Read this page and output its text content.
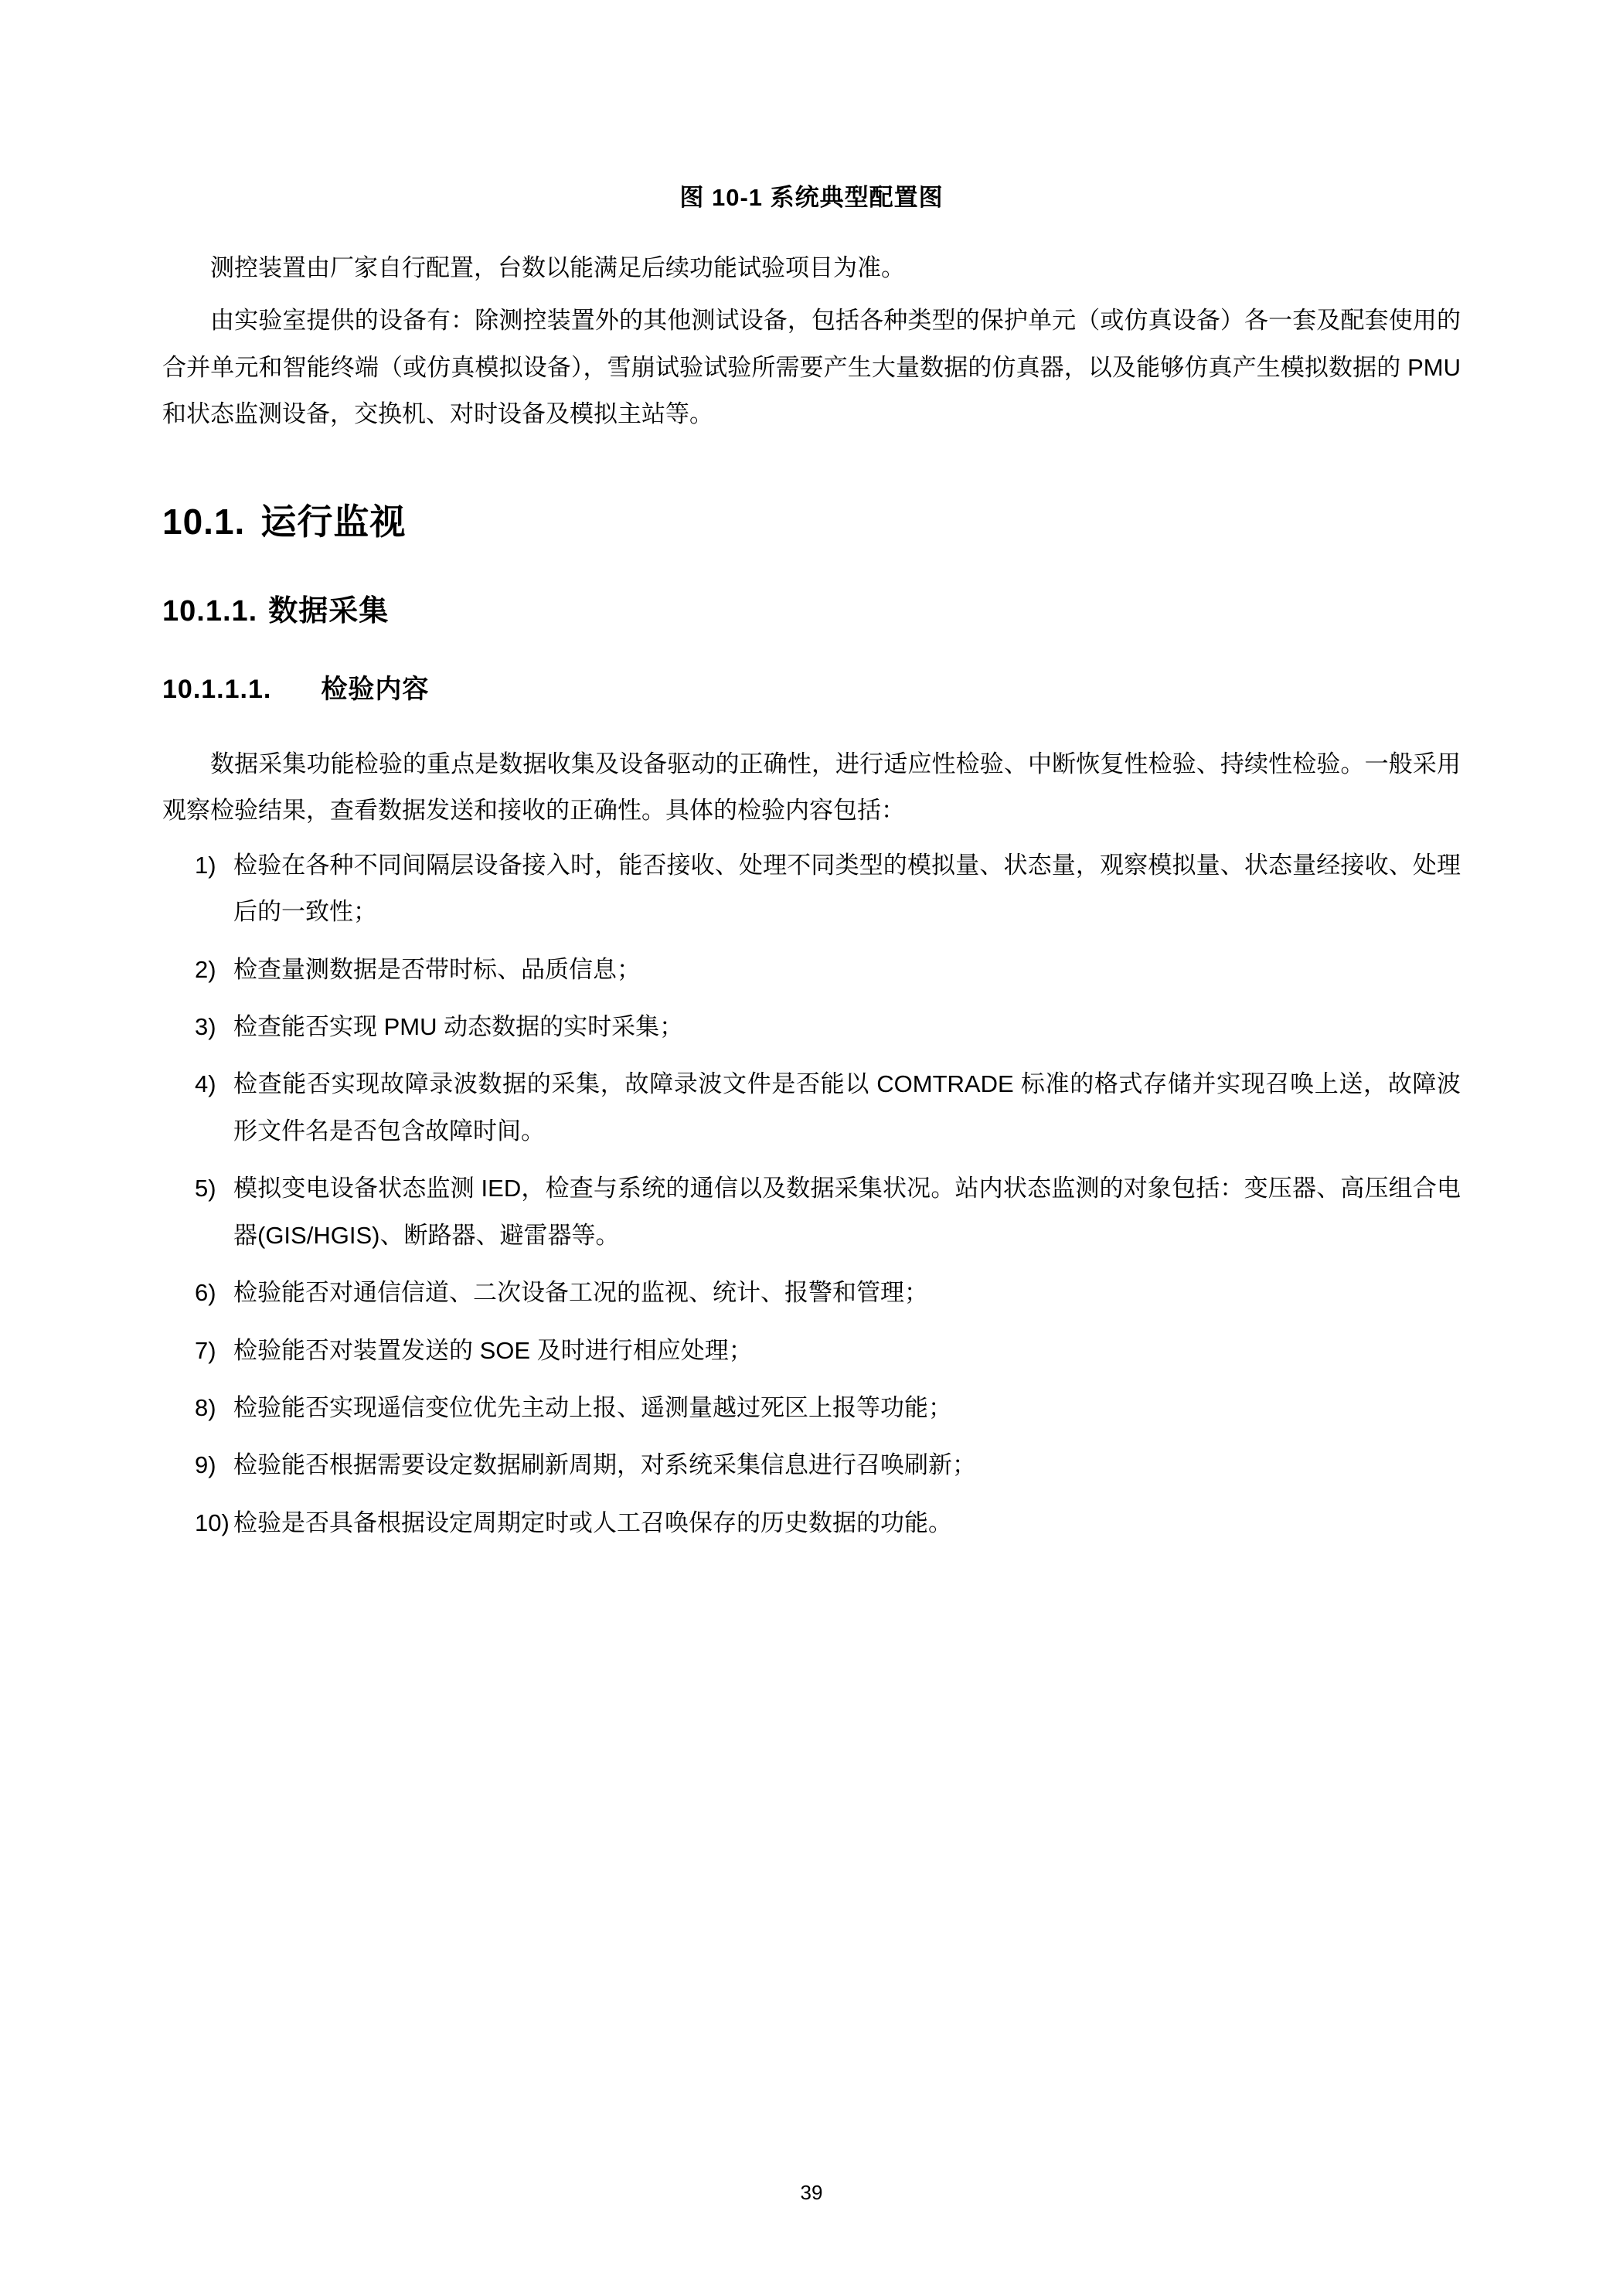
图 10-1 系统典型配置图

测控装置由厂家自行配置，台数以能满足后续功能试验项目为准。

由实验室提供的设备有：除测控装置外的其他测试设备，包括各种类型的保护单元（或仿真设备）各一套及配套使用的合并单元和智能终端（或仿真模拟设备），雪崩试验试验所需要产生大量数据的仿真器，以及能够仿真产生模拟数据的 PMU 和状态监测设备，交换机、对时设备及模拟主站等。

10.1. 运行监视
10.1.1. 数据采集
10.1.1.1. 检验内容

数据采集功能检验的重点是数据收集及设备驱动的正确性，进行适应性检验、中断恢复性检验、持续性检验。一般采用观察检验结果，查看数据发送和接收的正确性。具体的检验内容包括：

1) 检验在各种不同间隔层设备接入时，能否接收、处理不同类型的模拟量、状态量，观察模拟量、状态量经接收、处理后的一致性；
2) 检查量测数据是否带时标、品质信息；
3) 检查能否实现 PMU 动态数据的实时采集；
4) 检查能否实现故障录波数据的采集，故障录波文件是否能以 COMTRADE 标准的格式存储并实现召唤上送，故障波形文件名是否包含故障时间。
5) 模拟变电设备状态监测 IED，检查与系统的通信以及数据采集状况。站内状态监测的对象包括：变压器、高压组合电器(GIS/HGIS)、断路器、避雷器等。
6) 检验能否对通信信道、二次设备工况的监视、统计、报警和管理；
7) 检验能否对装置发送的 SOE 及时进行相应处理；
8) 检验能否实现遥信变位优先主动上报、遥测量越过死区上报等功能；
9) 检验能否根据需要设定数据刷新周期，对系统采集信息进行召唤刷新；
10) 检验是否具备根据设定周期定时或人工召唤保存的历史数据的功能。
39
